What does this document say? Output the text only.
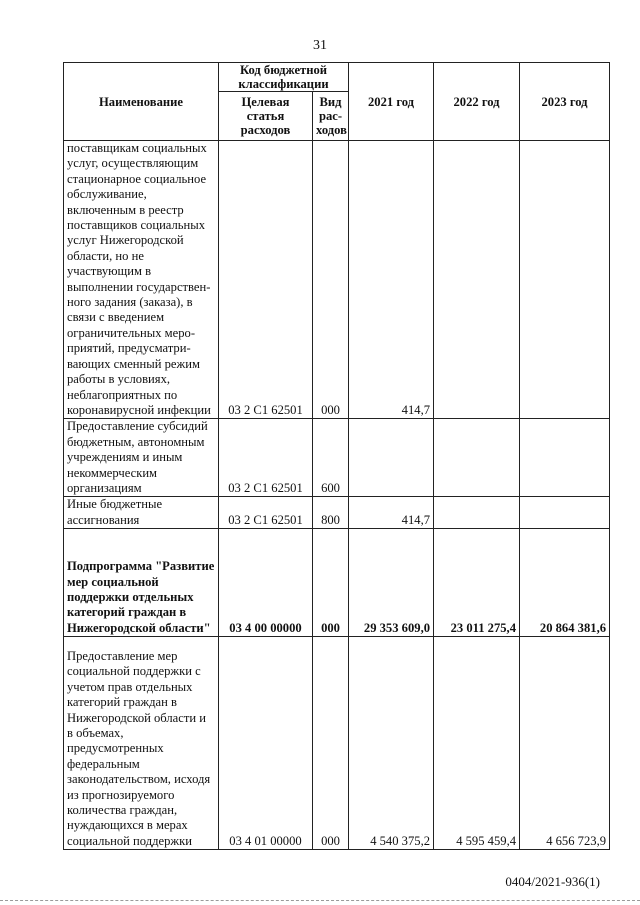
31
Наименование	Код бюджетной классификации		2021 год	2022 год	2023 год
	Целевая статья расходов	Вид рас-ходов			
поставщикам социальных услуг, осуществляющим стационарное социальное обслуживание, включенным в реестр поставщиков социальных услуг Нижегородской области, но не участвующим в выполнении государствен-ного задания (заказа), в связи с введением ограничительных меро-приятий, предусматри-вающих сменный режим работы в условиях, неблагоприятных по коронавирусной инфекции	03 2 C1 62501	000	414,7		
Предоставление субсидий бюджетным, автономным учреждениям и иным некоммерческим организациям	03 2 C1 62501	600			
Иные бюджетные ассигнования	03 2 C1 62501	800	414,7		
Подпрограмма "Развитие мер социальной поддержки отдельных категорий граждан в Нижегородской области"	03 4 00 00000	000	29 353 609,0	23 011 275,4	20 864 381,6
Предоставление мер социальной поддержки с учетом прав отдельных категорий граждан в Нижегородской области и в объемах, предусмотренных федеральным законодательством, исходя из прогнозируемого количества граждан, нуждающихся в мерах социальной поддержки	03 4 01 00000	000	4 540 375,2	4 595 459,4	4 656 723,9
0404/2021-936(1)
